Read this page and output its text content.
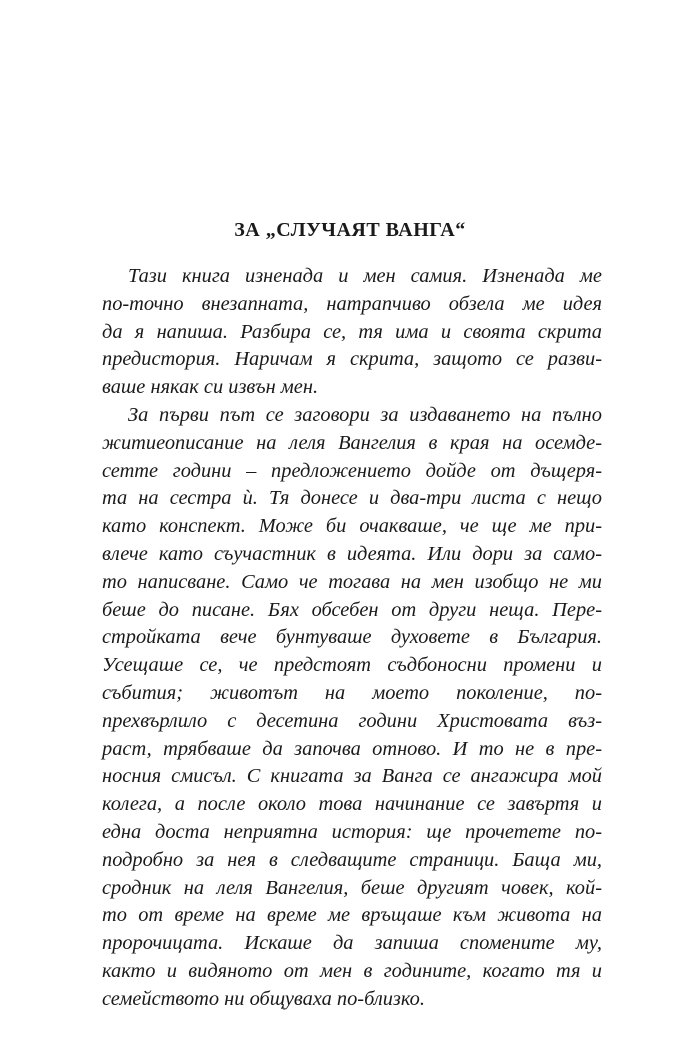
ЗА „СЛУЧАЯТ ВАНГА“

Тази книга изненада и мен самия. Изненада ме
по-точно внезапната, натрапчиво обзела ме идея
да я напиша. Разбира се, тя има и своята скрита
предистория. Наричам я скрита, защото се разви-
ваше някак си извън мен.

За първи път се заговори за издаването на пълно
житиеописание на леля Вангелия в края на осемде-
сетте години – предложението дойде от дъщеря-
та на сестра ѝ. Тя донесе и два-три листа с нещо
като конспект. Може би очакваше, че ще ме при-
влече като съучастник в идеята. Или дори за само-
то написване. Само че тогава на мен изобщо не ми
беше до писане. Бях обсебен от други неща. Пере-
стройката вече бунтуваше духовете в България.
Усещаше се, че предстоят съдбоносни промени и
събития; животът на моето поколение, по-
прехвърлило с десетина години Христовата въз-
раст, трябваше да започва отново. И то не в пре-
носния смисъл. С книгата за Ванга се ангажира мой
колега, а после около това начинание се завъртя и
една доста неприятна история: ще прочетете по-
подробно за нея в следващите страници. Баща ми,
сродник на леля Вангелия, беше другият човек, кой-
то от време на време ме връщаше към живота на
пророчицата. Искаше да запиша спомените му,
както и видяното от мен в годините, когато тя и
семейството ни общуваха по-близко.
